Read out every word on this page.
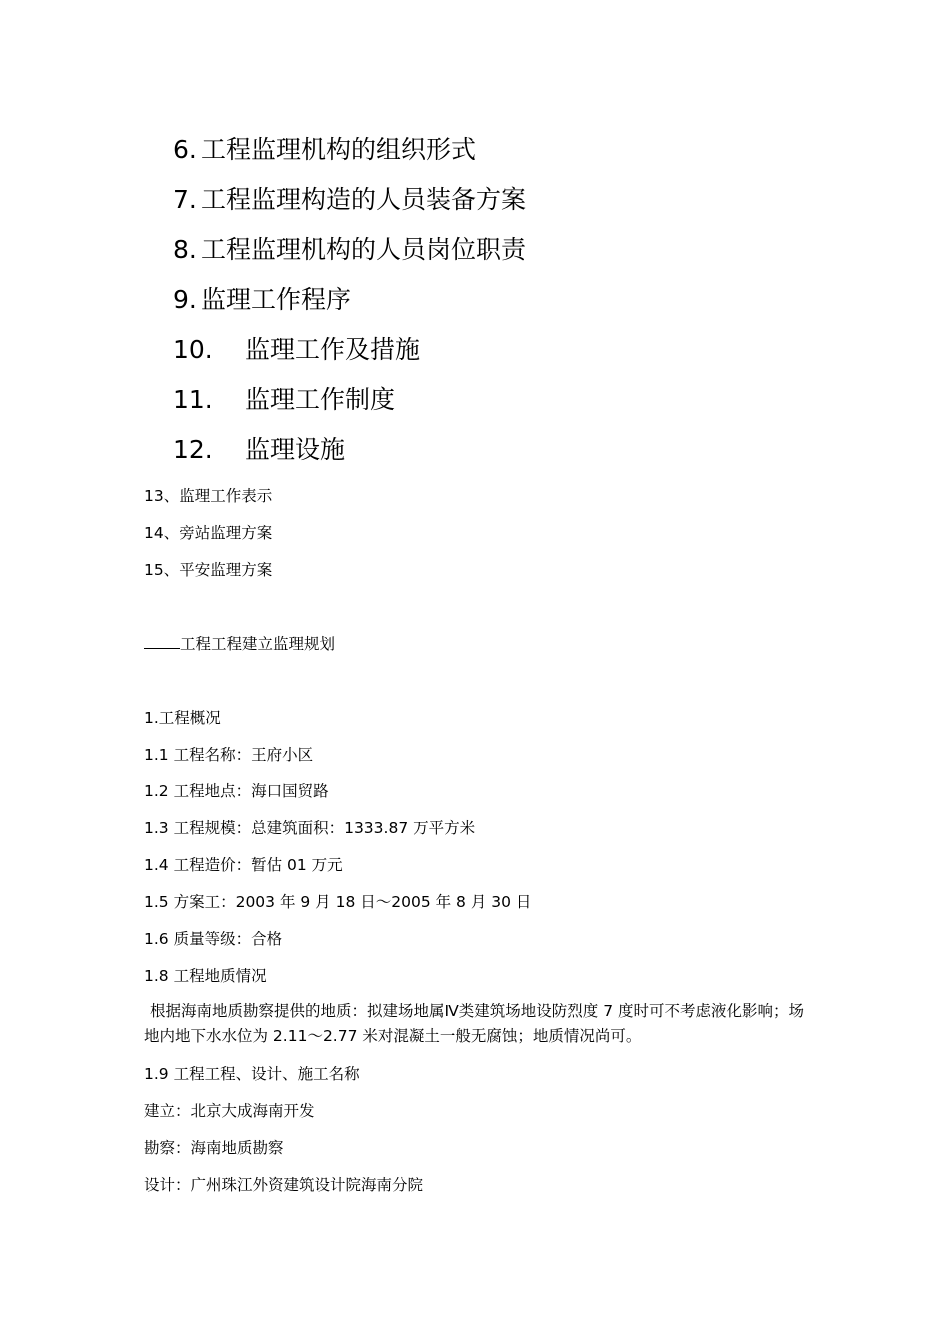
6. 工程监理机构的组织形式
7. 工程监理构造的人员装备方案
8. 工程监理机构的人员岗位职责
9. 监理工作程序
10. 监理工作及措施
11. 监理工作制度
12. 监理设施
13、监理工作表示
14、旁站监理方案
15、平安监理方案
工程工程建立监理规划
1.工程概况
1.1 工程名称：王府小区
1.2 工程地点：海口国贸路
1.3 工程规模：总建筑面积：1333.87 万平方米
1.4 工程造价：暂估 01 万元
1.5 方案工：2003 年 9 月 18 日～2005 年 8 月 30 日
1.6 质量等级：合格
1.8 工程地质情况
根据海南地质勘察提供的地质：拟建场地属Ⅳ类建筑场地设防烈度 7 度时可不考虑液化影响；场地内地下水水位为 2.11～2.77 米对混凝土一般无腐蚀；地质情况尚可。
1.9 工程工程、设计、施工名称
建立：北京大成海南开发
勘察：海南地质勘察
设计：广州珠江外资建筑设计院海南分院
